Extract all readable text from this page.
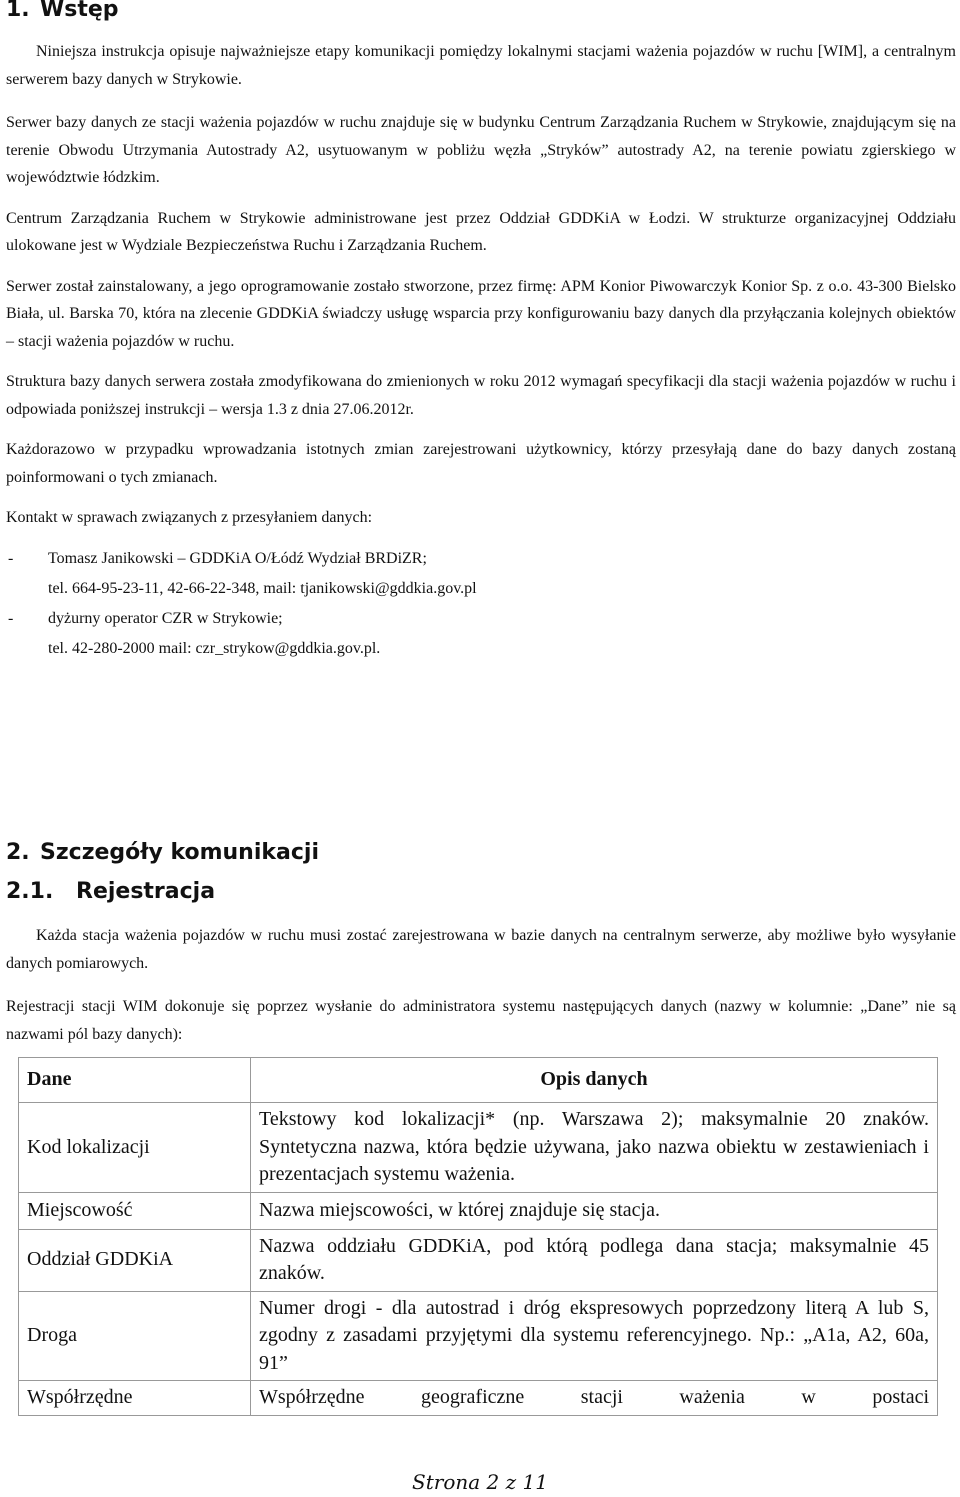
1. Wstęp

Niniejsza instrukcja opisuje najważniejsze etapy komunikacji pomiędzy lokalnymi stacjami ważenia pojazdów w ruchu [WIM], a centralnym serwerem bazy danych w Strykowie.

Serwer bazy danych ze stacji ważenia pojazdów w ruchu znajduje się w budynku Centrum Zarządzania Ruchem w Strykowie, znajdującym się na terenie Obwodu Utrzymania Autostrady A2, usytuowanym w pobliżu węzła „Stryków” autostrady A2, na terenie powiatu zgierskiego w województwie łódzkim.

Centrum Zarządzania Ruchem w Strykowie administrowane jest przez Oddział GDDKiA w Łodzi. W strukturze organizacyjnej Oddziału ulokowane jest w Wydziale Bezpieczeństwa Ruchu i Zarządzania Ruchem.

Serwer został zainstalowany, a jego oprogramowanie zostało stworzone, przez firmę: APM Konior Piwowarczyk Konior Sp. z o.o. 43-300 Bielsko Biała, ul. Barska 70, która na zlecenie GDDKiA świadczy usługę wsparcia przy konfigurowaniu bazy danych dla przyłączania kolejnych obiektów – stacji ważenia pojazdów w ruchu.

Struktura bazy danych serwera została zmodyfikowana do zmienionych w roku 2012 wymagań specyfikacji dla stacji ważenia pojazdów w ruchu i odpowiada poniższej instrukcji – wersja 1.3 z dnia 27.06.2012r.

Każdorazowo w przypadku wprowadzania istotnych zmian zarejestrowani użytkownicy, którzy przesyłają dane do bazy danych zostaną poinformowani o tych zmianach.

Kontakt w sprawach związanych z przesyłaniem danych:

- Tomasz Janikowski – GDDKiA O/Łódź Wydział BRDiZR;
tel. 664-95-23-11, 42-66-22-348, mail: tjanikowski@gddkia.gov.pl
- dyżurny operator CZR w Strykowie;
tel. 42-280-2000 mail: czr_strykow@gddkia.gov.pl.
2. Szczegóły komunikacji
2.1. Rejestracja

Każda stacja ważenia pojazdów w ruchu musi zostać zarejestrowana w bazie danych na centralnym serwerze, aby możliwe było wysyłanie danych pomiarowych.

Rejestracji stacji WIM dokonuje się poprzez wysłanie do administratora systemu następujących danych (nazwy w kolumnie: „Dane” nie są nazwami pól bazy danych):

Dane	Opis danych
Kod lokalizacji	Tekstowy kod lokalizacji* (np. Warszawa 2); maksymalnie 20 znaków. Syntetyczna nazwa, która będzie używana, jako nazwa obiektu w zestawieniach i prezentacjach systemu ważenia.
Miejscowość	Nazwa miejscowości, w której znajduje się stacja.
Oddział GDDKiA	Nazwa oddziału GDDKiA, pod którą podlega dana stacja; maksymalnie 45 znaków.
Droga	Numer drogi - dla autostrad i dróg ekspresowych poprzedzony literą A lub S, zgodny z zasadami przyjętymi dla systemu referencyjnego. Np.: „A1a, A2, 60a, 91”
Współrzędne	Współrzędne geograficzne stacji ważenia w postaci
Strona 2 z 11
